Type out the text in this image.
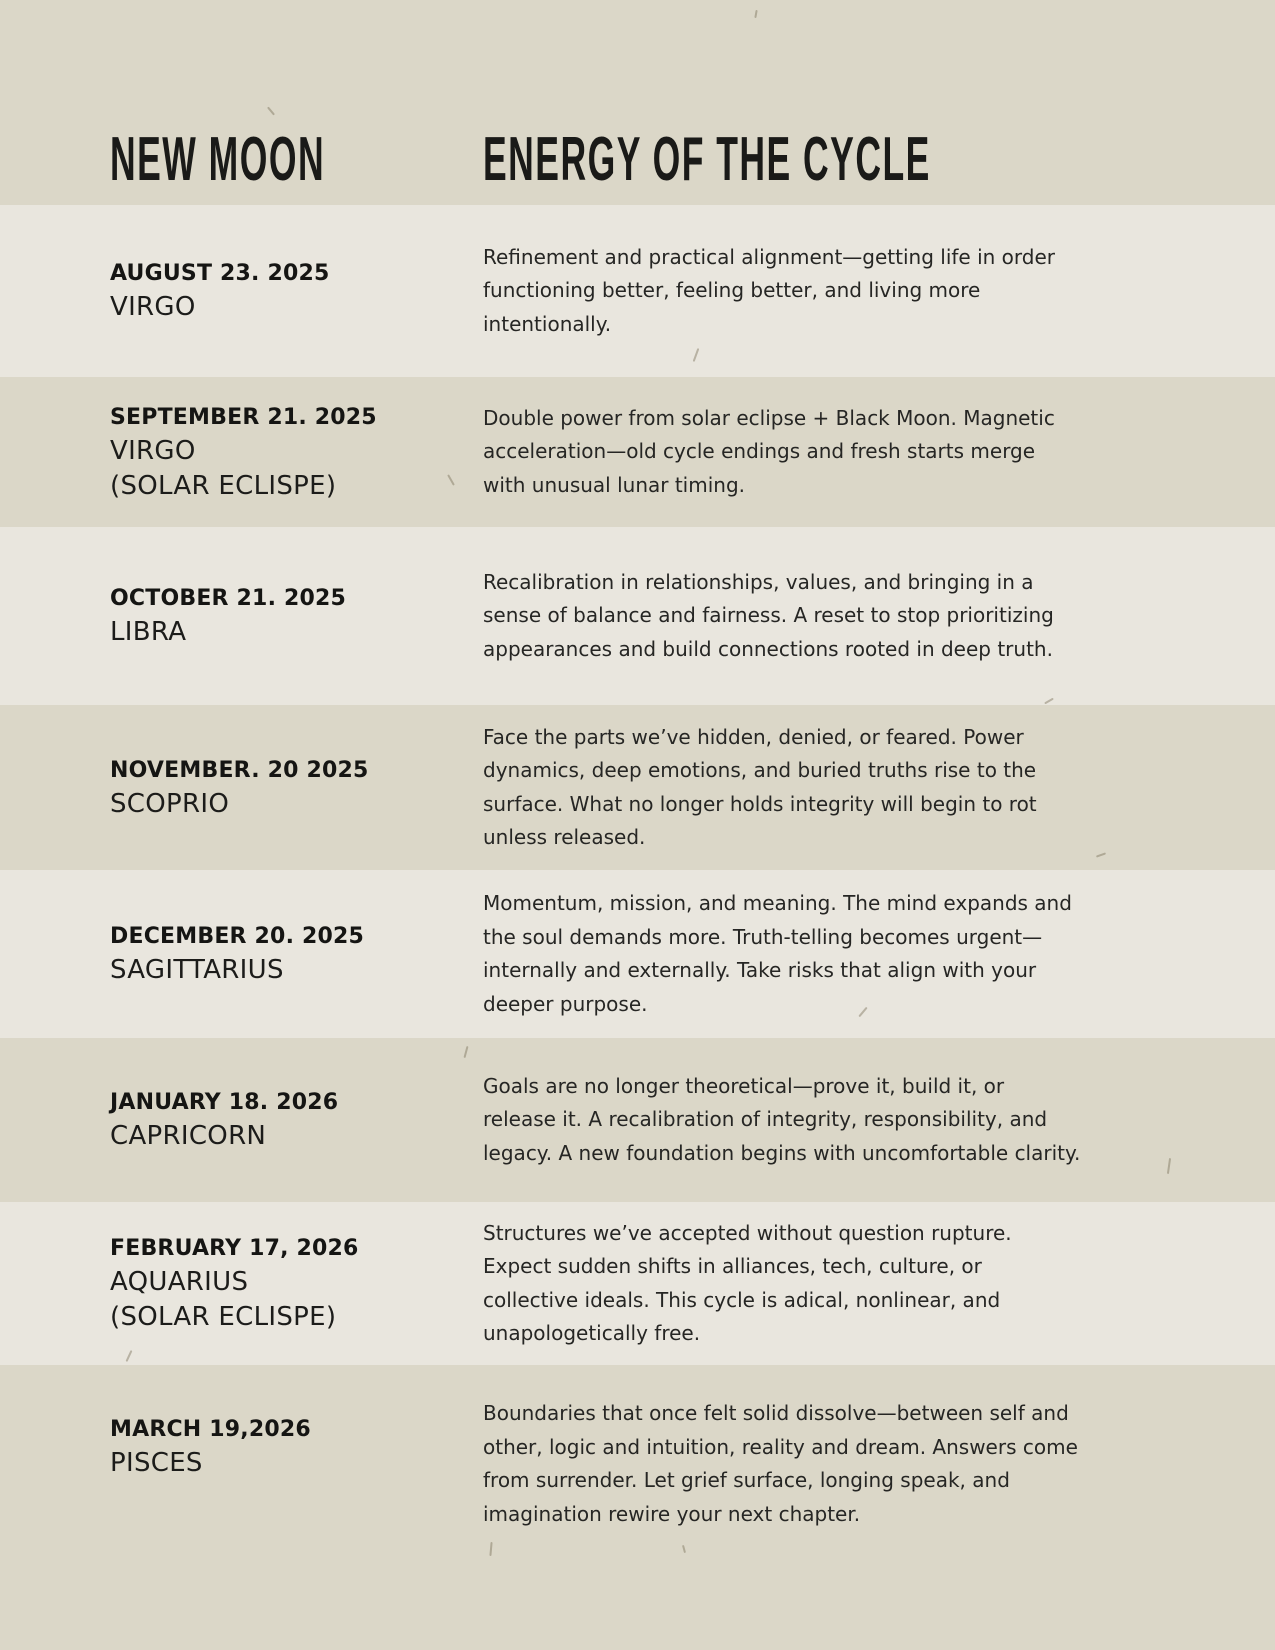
NEW MOON	ENERGY OF THE CYCLE
AUGUST 23. 2025
VIRGO

Refinement and practical alignment—getting life in order functioning better, feeling better, and living more intentionally.

SEPTEMBER 21. 2025
VIRGO
(SOLAR ECLISPE)

Double power from solar eclipse + Black Moon. Magnetic acceleration—old cycle endings and fresh starts merge with unusual lunar timing.

OCTOBER 21. 2025
LIBRA

Recalibration in relationships, values, and bringing in a sense of balance and fairness. A reset to stop prioritizing appearances and build connections rooted in deep truth.

NOVEMBER. 20 2025
SCOPRIO

Face the parts we’ve hidden, denied, or feared. Power dynamics, deep emotions, and buried truths rise to the surface. What no longer holds integrity will begin to rot unless released.

DECEMBER 20. 2025
SAGITTARIUS

Momentum, mission, and meaning. The mind expands and the soul demands more. Truth-telling becomes urgent—internally and externally. Take risks that align with your deeper purpose.

JANUARY 18. 2026
CAPRICORN

Goals are no longer theoretical—prove it, build it, or release it. A recalibration of integrity, responsibility, and legacy. A new foundation begins with uncomfortable clarity.

FEBRUARY 17, 2026
AQUARIUS
(SOLAR ECLISPE)

Structures we’ve accepted without question rupture. Expect sudden shifts in alliances, tech, culture, or collective ideals. This cycle is adical, nonlinear, and unapologetically free.

MARCH 19,2026
PISCES

Boundaries that once felt solid dissolve—between self and other, logic and intuition, reality and dream. Answers come from surrender. Let grief surface, longing speak, and imagination rewire your next chapter.
